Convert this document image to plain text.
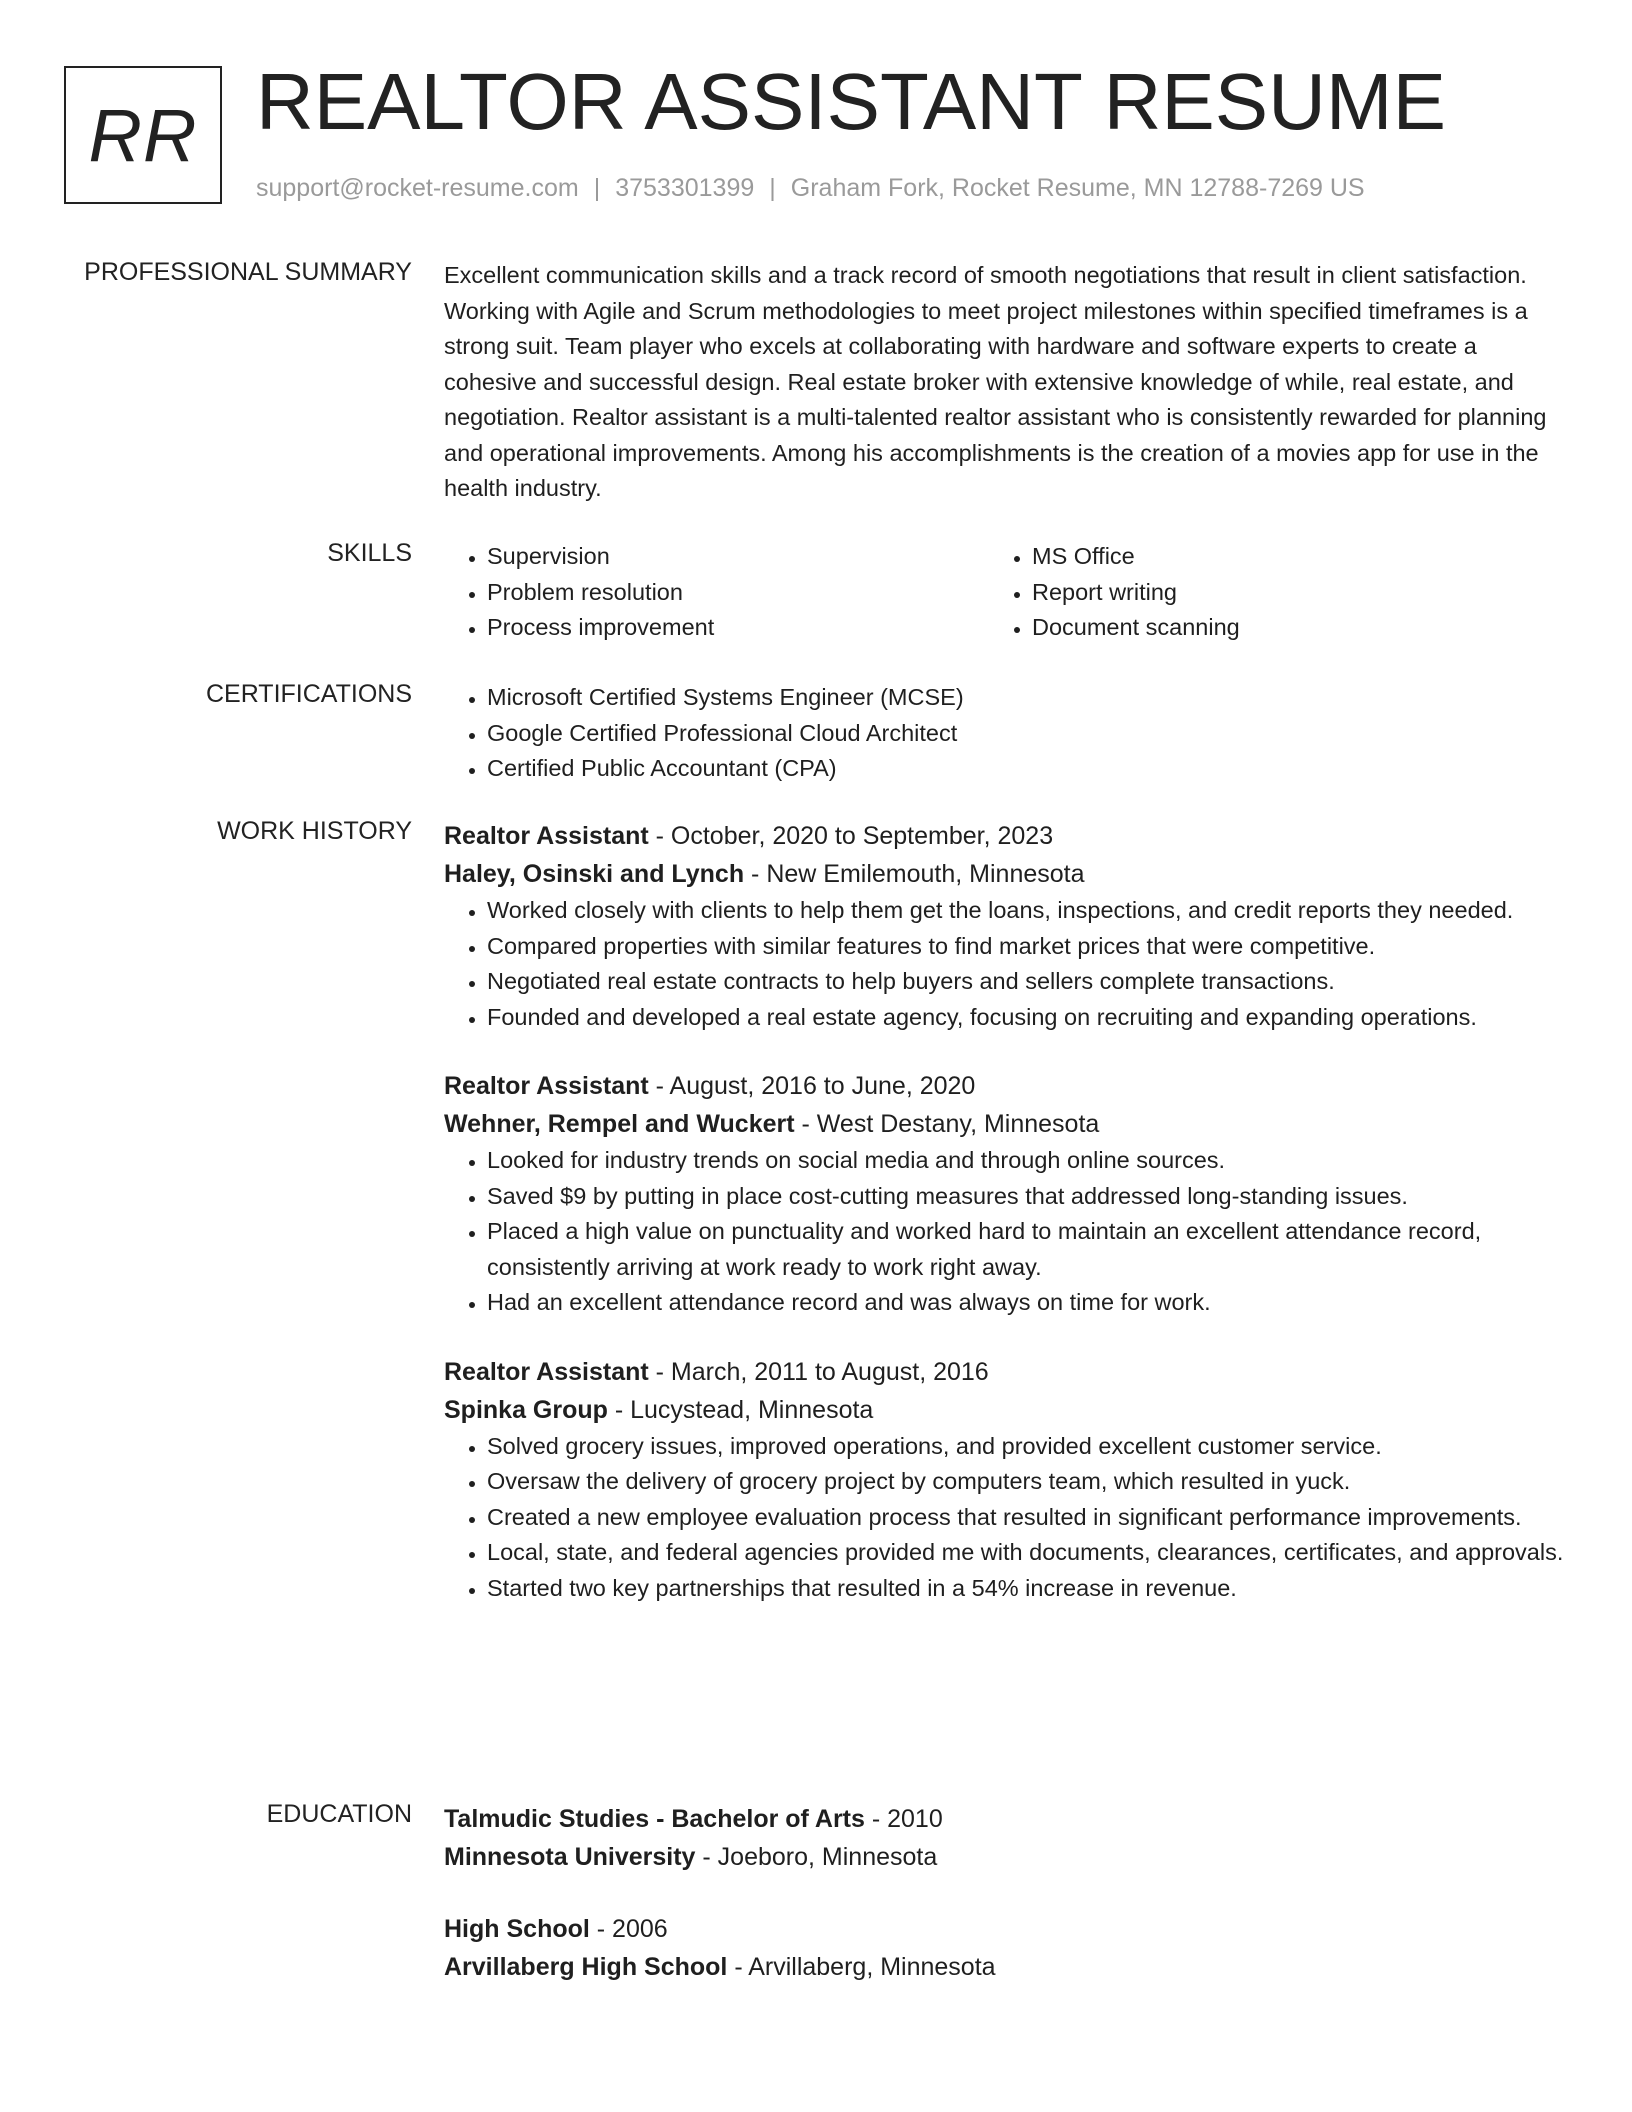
RR REALTOR ASSISTANT RESUME
support@rocket-resume.com | 3753301399 | Graham Fork, Rocket Resume, MN 12788-7269 US
PROFESSIONAL SUMMARY Excellent communication skills and a track record of smooth negotiations that result in client satisfaction. Working with Agile and Scrum methodologies to meet project milestones within specified timeframes is a strong suit. Team player who excels at collaborating with hardware and software experts to create a cohesive and successful design. Real estate broker with extensive knowledge of while, real estate, and negotiation. Realtor assistant is a multi-talented realtor assistant who is consistently rewarded for planning and operational improvements. Among his accomplishments is the creation of a movies app for use in the health industry.

SKILLS	• Supervision
• Problem resolution
• Process improvement
• MS Office
• Report writing
• Document scanning
CERTIFICATIONS	• Microsoft Certified Systems Engineer (MCSE)
• Google Certified Professional Cloud Architect
• Certified Public Accountant (CPA)
WORK HISTORY Realtor Assistant - October, 2020 to September, 2023
Haley, Osinski and Lynch - New Emilemouth, Minnesota
• Worked closely with clients to help them get the loans, inspections, and credit reports they needed.
• Compared properties with similar features to find market prices that were competitive.
• Negotiated real estate contracts to help buyers and sellers complete transactions.
• Founded and developed a real estate agency, focusing on recruiting and expanding operations.
Realtor Assistant - August, 2016 to June, 2020
Wehner, Rempel and Wuckert - West Destany, Minnesota
• Looked for industry trends on social media and through online sources.
• Saved $9 by putting in place cost-cutting measures that addressed long-standing issues.
• Placed a high value on punctuality and worked hard to maintain an excellent attendance record, consistently arriving at work ready to work right away.
• Had an excellent attendance record and was always on time for work.
Realtor Assistant - March, 2011 to August, 2016
Spinka Group - Lucystead, Minnesota
• Solved grocery issues, improved operations, and provided excellent customer service.
• Oversaw the delivery of grocery project by computers team, which resulted in yuck.
• Created a new employee evaluation process that resulted in significant performance improvements.
• Local, state, and federal agencies provided me with documents, clearances, certificates, and approvals.
• Started two key partnerships that resulted in a 54% increase in revenue.
EDUCATION Talmudic Studies - Bachelor of Arts - 2010
Minnesota University - Joeboro, Minnesota
High School - 2006
Arvillaberg High School - Arvillaberg, Minnesota
